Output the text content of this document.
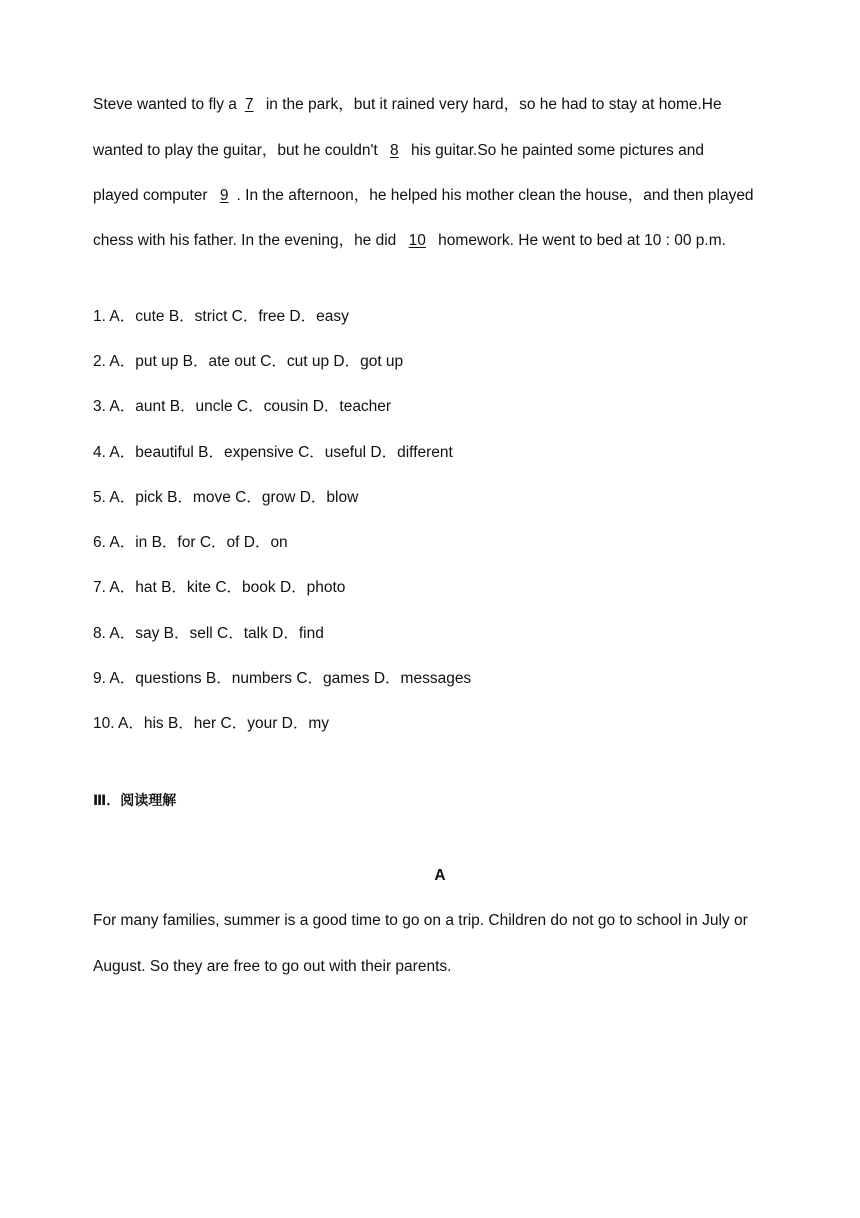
Steve wanted to fly a 7 in the park，but it rained very hard，so he had to stay at home.He
wanted to play the guitar，but he couldn't 8 his guitar.So he painted some pictures and
played computer 9 . In the afternoon，he helped his mother clean the house，and then played
chess with his father. In the evening，he did 10 homework. He went to bed at 10 : 00 p.m.
1. A．cute B．strict C．free D．easy
2. A．put up B．ate out C．cut up D．got up
3. A．aunt B．uncle C．cousin D．teacher
4. A．beautiful B．expensive C．useful D．different
5. A．pick B．move C．grow D．blow
6. A．in B．for C．of D．on
7. A．hat B．kite C．book D．photo
8. A．say B．sell C．talk D．find
9. A．questions B．numbers C．games D．messages
10. A．his B．her C．your D．my
Ⅲ．阅读理解
A
For many families, summer is a good time to go on a trip. Children do not go to school in July or
August. So they are free to go out with their parents.
